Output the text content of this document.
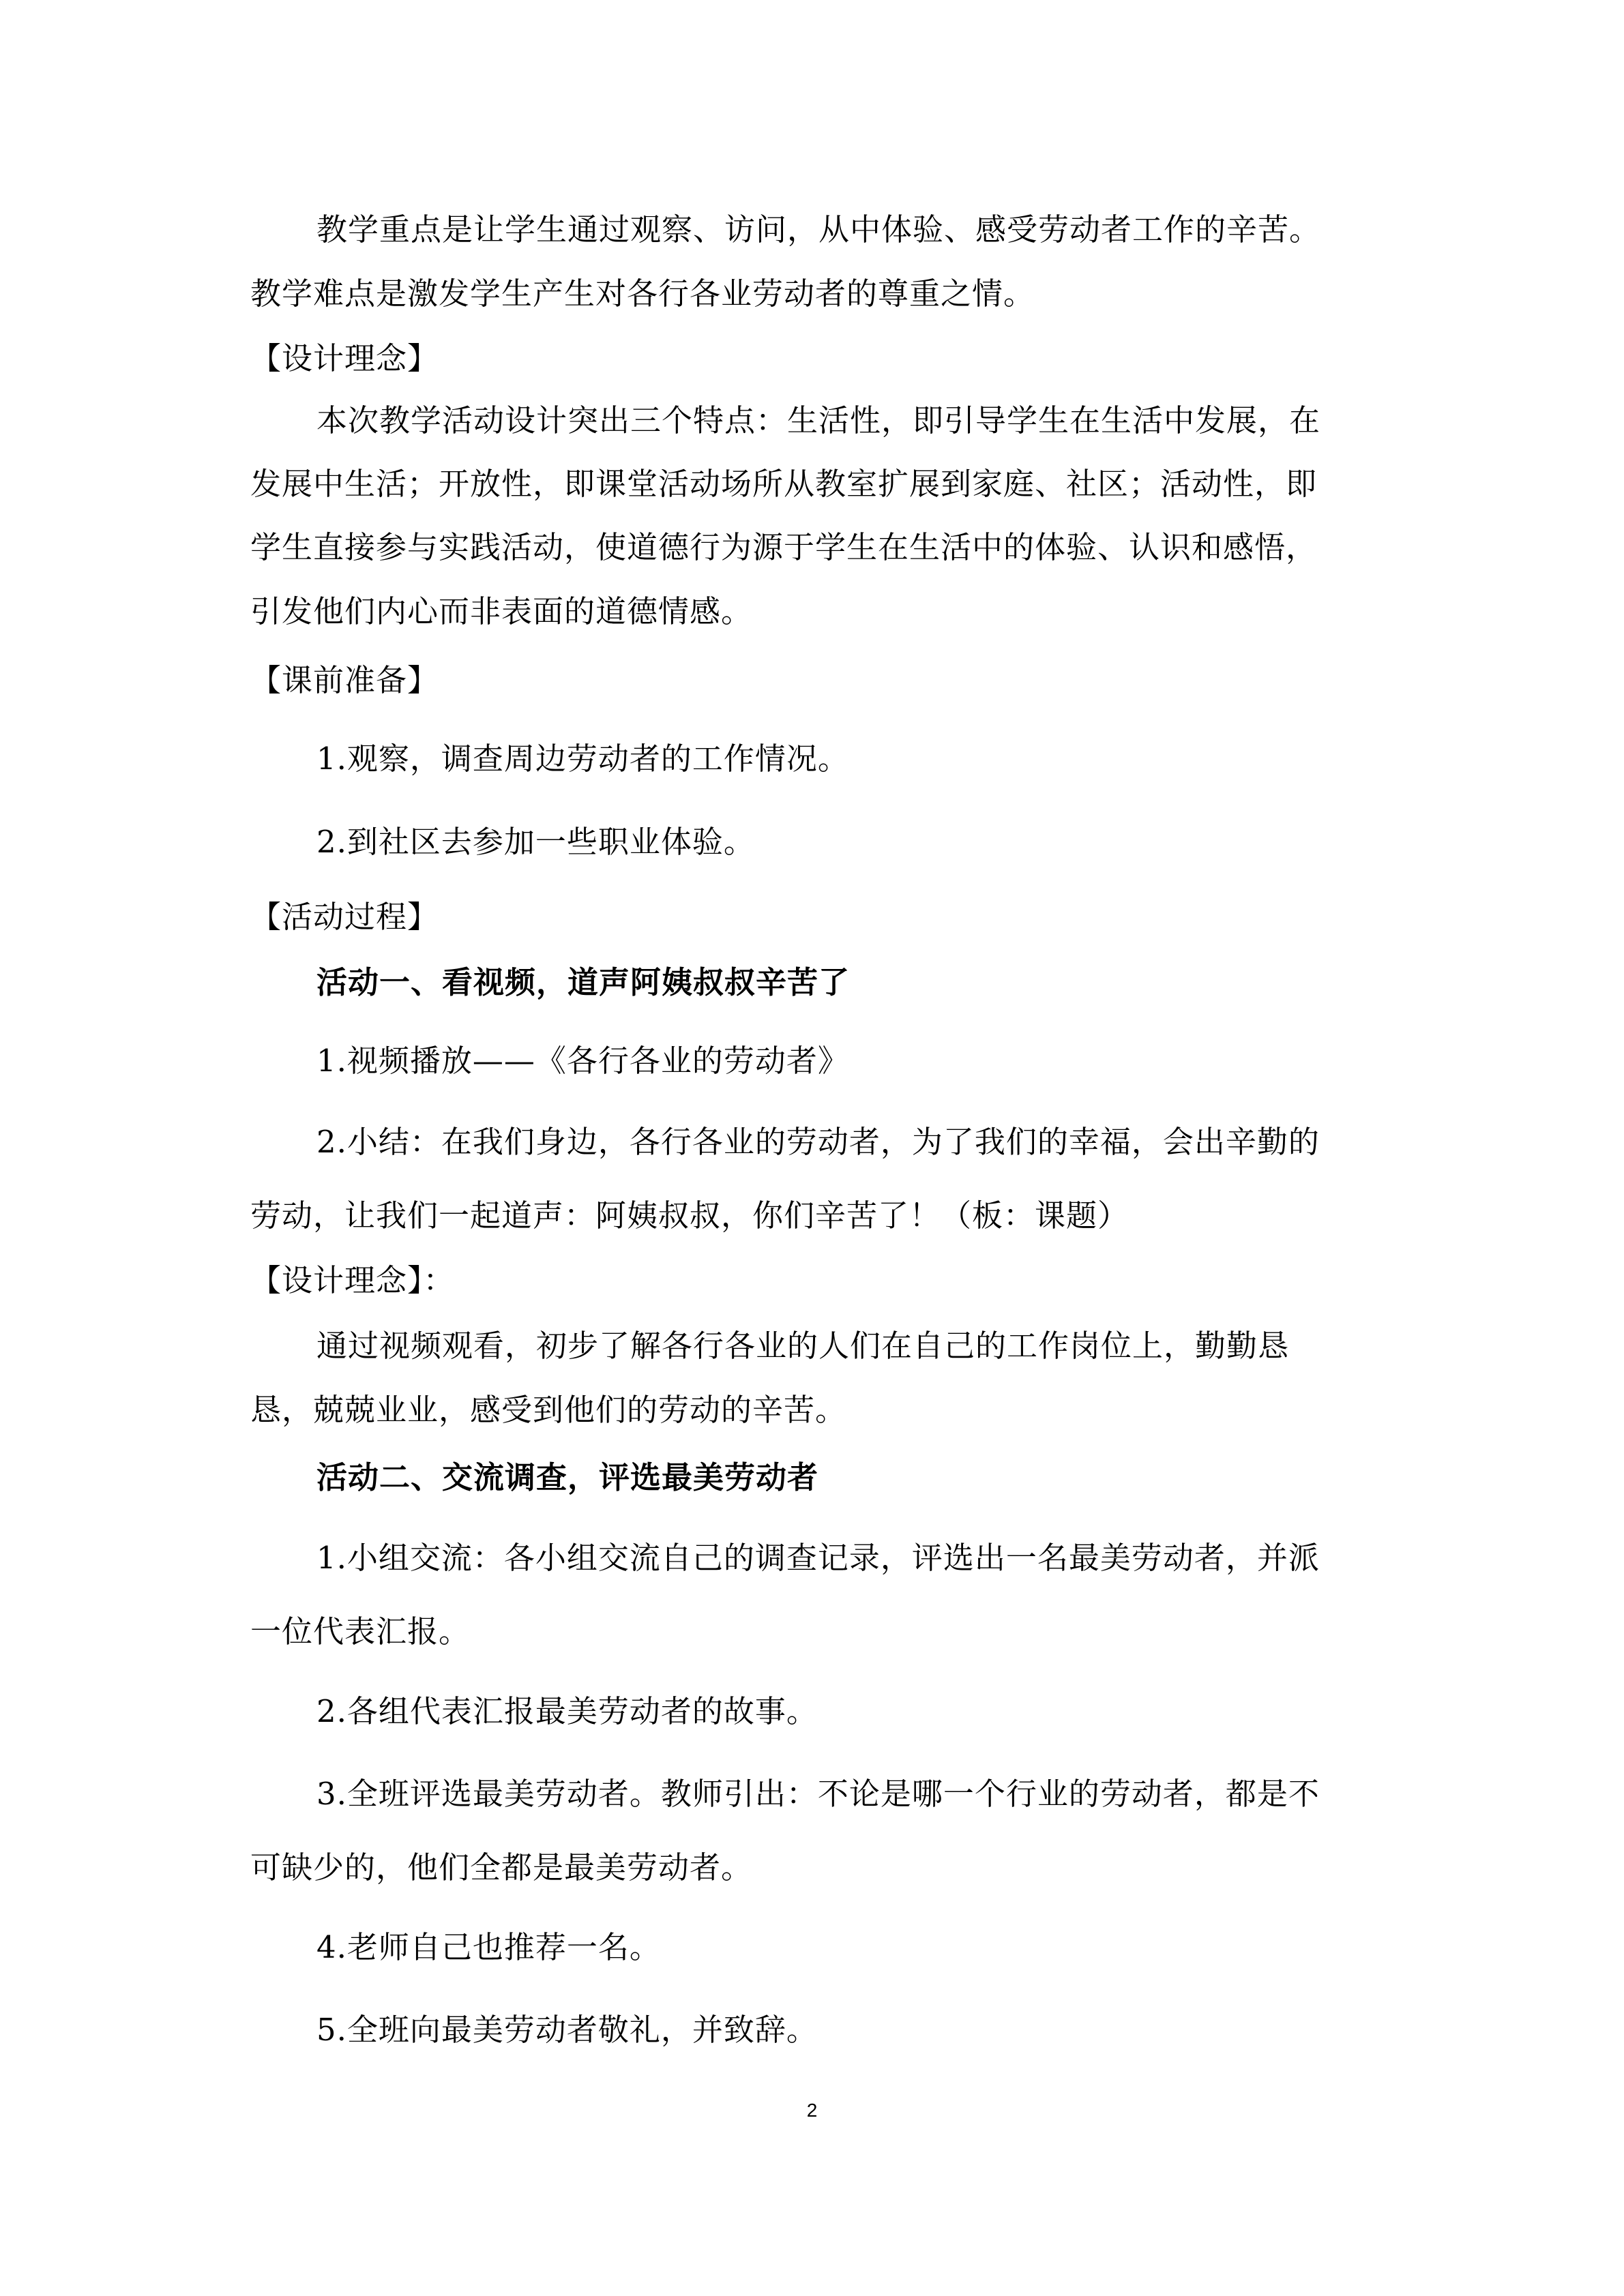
教学重点是让学生通过观察、访问，从中体验、感受劳动者工作的辛苦。
教学难点是激发学生产生对各行各业劳动者的尊重之情。
【设计理念】
本次教学活动设计突出三个特点：生活性，即引导学生在生活中发展，在
发展中生活；开放性，即课堂活动场所从教室扩展到家庭、社区；活动性，即
学生直接参与实践活动，使道德行为源于学生在生活中的体验、认识和感悟，
引发他们内心而非表面的道德情感。
【课前准备】
1.观察，调查周边劳动者的工作情况。
2.到社区去参加一些职业体验。
【活动过程】
活动一、看视频，道声阿姨叔叔辛苦了
1.视频播放——《各行各业的劳动者》
2.小结：在我们身边，各行各业的劳动者，为了我们的幸福，会出辛勤的
劳动，让我们一起道声：阿姨叔叔，你们辛苦了！（板：课题）
【设计理念】：
通过视频观看，初步了解各行各业的人们在自己的工作岗位上，勤勤恳
恳，兢兢业业，感受到他们的劳动的辛苦。
活动二、交流调查，评选最美劳动者
1.小组交流：各小组交流自己的调查记录，评选出一名最美劳动者，并派
一位代表汇报。
2.各组代表汇报最美劳动者的故事。
3.全班评选最美劳动者。教师引出：不论是哪一个行业的劳动者，都是不
可缺少的，他们全都是最美劳动者。
4.老师自己也推荐一名。
5.全班向最美劳动者敬礼，并致辞。
2
